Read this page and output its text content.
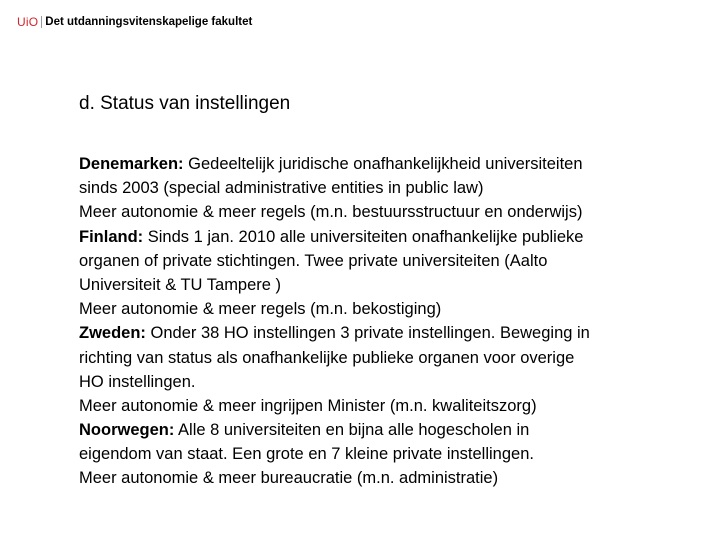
UiO Det utdanningsvitenskapelige fakultet
d. Status van instellingen
Denemarken: Gedeeltelijk juridische onafhankelijkheid universiteiten
sinds 2003 (special administrative entities in public law)
Meer autonomie & meer regels (m.n. bestuursstructuur en onderwijs)
Finland: Sinds 1 jan. 2010 alle universiteiten onafhankelijke publieke
organen of private stichtingen. Twee private universiteiten (Aalto
Universiteit & TU Tampere )
Meer autonomie & meer regels (m.n. bekostiging)
Zweden: Onder 38 HO instellingen 3 private instellingen. Beweging in
richting van status als onafhankelijke publieke organen voor overige
HO instellingen.
Meer autonomie & meer ingrijpen Minister (m.n. kwaliteitszorg)
Noorwegen: Alle 8 universiteiten en bijna alle hogescholen in
eigendom van staat. Een grote en 7 kleine private instellingen.
Meer autonomie & meer bureaucratie (m.n. administratie)
